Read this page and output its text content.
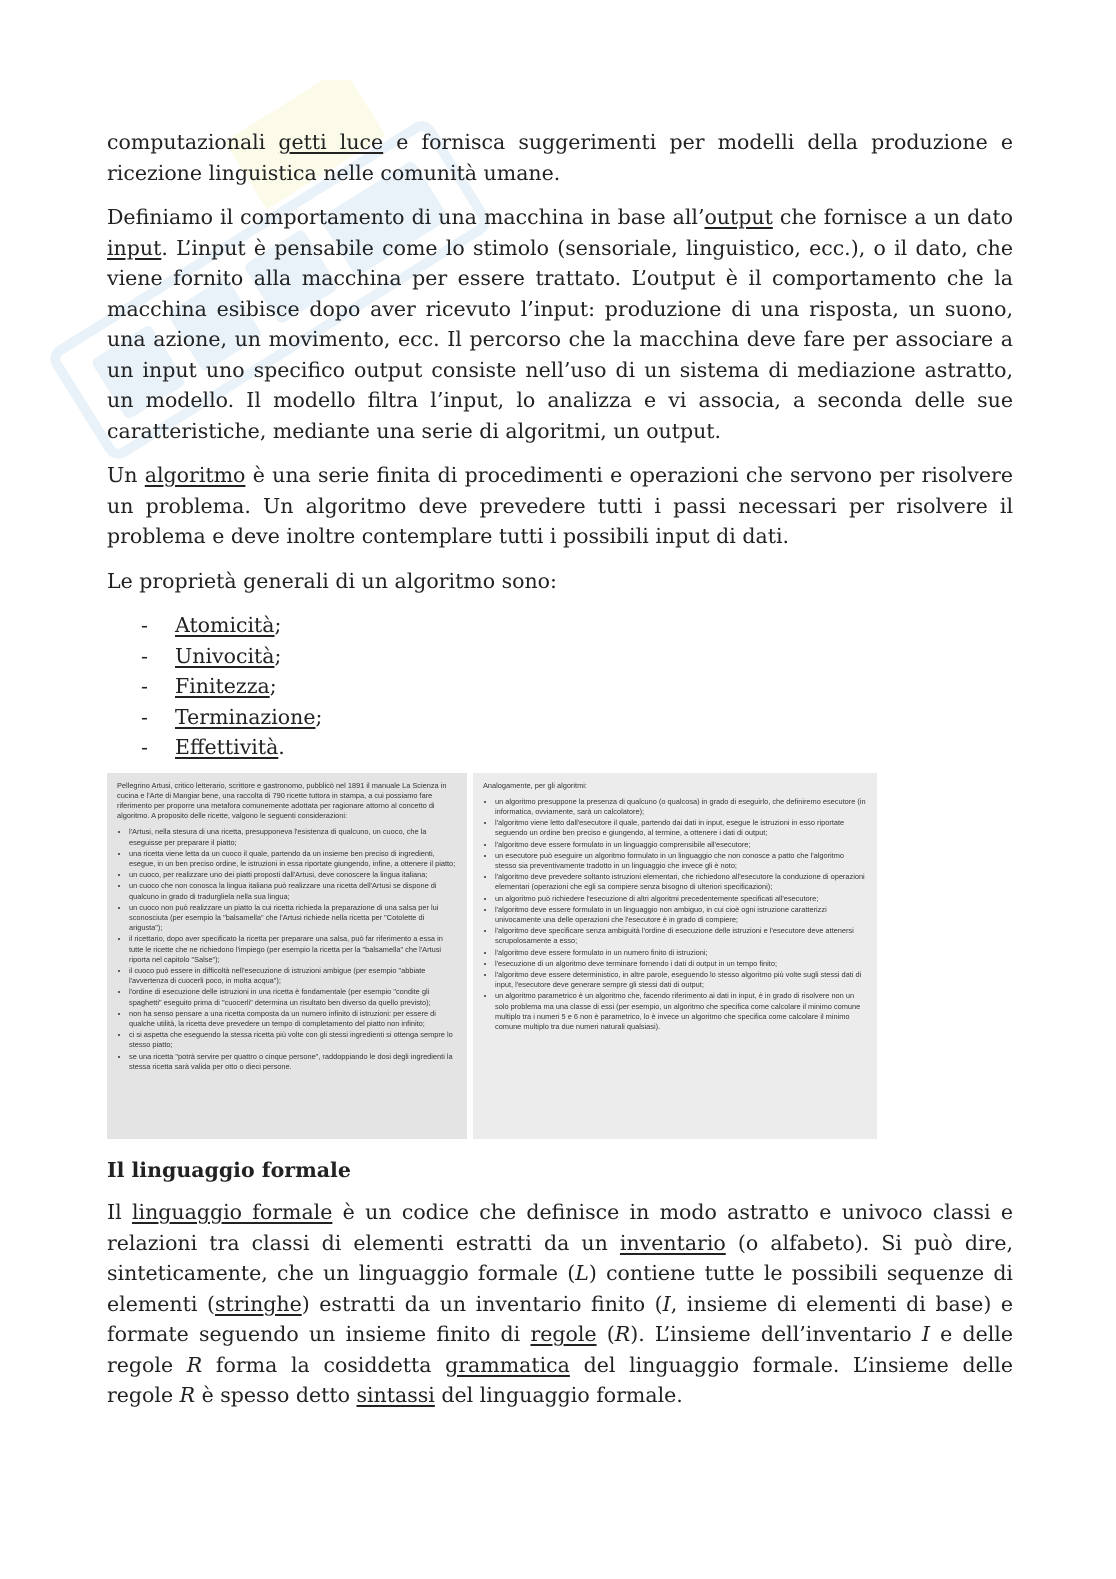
computazionali getti luce e fornisca suggerimenti per modelli della produzione e ricezione linguistica nelle comunità umane.

Definiamo il comportamento di una macchina in base all’output che fornisce a un dato input. L’input è pensabile come lo stimolo (sensoriale, linguistico, ecc.), o il dato, che viene fornito alla macchina per essere trattato. L’output è il comportamento che la macchina esibisce dopo aver ricevuto l’input: produzione di una risposta, un suono, una azione, un movimento, ecc. Il percorso che la macchina deve fare per associare a un input uno specifico output consiste nell’uso di un sistema di mediazione astratto, un modello. Il modello filtra l’input, lo analizza e vi associa, a seconda delle sue caratteristiche, mediante una serie di algoritmi, un output.

Un algoritmo è una serie finita di procedimenti e operazioni che servono per risolvere un problema. Un algoritmo deve prevedere tutti i passi necessari per risolvere il problema e deve inoltre contemplare tutti i possibili input di dati.

Le proprietà generali di un algoritmo sono:

- Atomicità;
- Univocità;
- Finitezza;
- Terminazione;
- Effettività.
Pellegrino Artusi, critico letterario, scrittore e gastronomo, pubblicò nel 1891 il manuale La Scienza in cucina e l'Arte di Mangiar bene, una raccolta di 790 ricette tuttora in stampa, a cui possiamo fare riferimento per proporre una metafora comunemente adottata per ragionare attorno al concetto di algoritmo. A proposito delle ricette, valgono le seguenti considerazioni:
• l'Artusi, nella stesura di una ricetta, presupponeva l'esistenza di qualcuno, un cuoco, che la eseguisse per preparare il piatto;
• una ricetta viene letta da un cuoco il quale, partendo da un insieme ben preciso di ingredienti, esegue, in un ben preciso ordine, le istruzioni in essa riportate giungendo, infine, a ottenere il piatto;
• un cuoco, per realizzare uno dei piatti proposti dall'Artusi, deve conoscere la lingua italiana;
• un cuoco che non conosca la lingua italiana può realizzare una ricetta dell'Artusi se dispone di qualcuno in grado di tradurgliela nella sua lingua;
• un cuoco non può realizzare un piatto la cui ricetta richieda la preparazione di una salsa per lui sconosciuta (per esempio la "balsamella" che l'Artusi richiede nella ricetta per "Cotolette di arigusta");
• il ricettario, dopo aver specificato la ricetta per preparare una salsa, può far riferimento a essa in tutte le ricette che ne richiedono l'impiego (per esempio la ricetta per la "balsamella" che l'Artusi riporta nel capitolo "Salse");
• il cuoco può essere in difficoltà nell'esecuzione di istruzioni ambigue (per esempio "abbiate l'avvertenza di cuocerli poco, in molta acqua");
• l'ordine di esecuzione delle istruzioni in una ricetta è fondamentale (per esempio "condite gli spaghetti" eseguito prima di "cuocerli" determina un risultato ben diverso da quello previsto);
• non ha senso pensare a una ricetta composta da un numero infinito di istruzioni: per essere di qualche utilità, la ricetta deve prevedere un tempo di completamento del piatto non infinito;
• ci si aspetta che eseguendo la stessa ricetta più volte con gli stessi ingredienti si ottenga sempre lo stesso piatto;
• se una ricetta "potrà servire per quattro o cinque persone", raddoppiando le dosi degli ingredienti la stessa ricetta sarà valida per otto o dieci persone.
Analogamente, per gli algoritmi:
• un algoritmo presuppone la presenza di qualcuno (o qualcosa) in grado di eseguirlo, che definiremo esecutore (in informatica, ovviamente, sarà un calcolatore);
• l'algoritmo viene letto dall'esecutore il quale, partendo dai dati in input, esegue le istruzioni in esso riportate seguendo un ordine ben preciso e giungendo, al termine, a ottenere i dati di output;
• l'algoritmo deve essere formulato in un linguaggio comprensibile all'esecutore;
• un esecutore può eseguire un algoritmo formulato in un linguaggio che non conosce a patto che l'algoritmo stesso sia preventivamente tradotto in un linguaggio che invece gli è noto;
• l'algoritmo deve prevedere soltanto istruzioni elementari, che richiedono all'esecutore la conduzione di operazioni elementari (operazioni che egli sa compiere senza bisogno di ulteriori specificazioni);
• un algoritmo può richiedere l'esecuzione di altri algoritmi precedentemente specificati all'esecutore;
• l'algoritmo deve essere formulato in un linguaggio non ambiguo, in cui cioè ogni istruzione caratterizzi univocamente una delle operazioni che l'esecutore è in grado di compiere;
• l'algoritmo deve specificare senza ambiguità l'ordine di esecuzione delle istruzioni e l'esecutore deve attenersi scrupolosamente a esso;
• l'algoritmo deve essere formulato in un numero finito di istruzioni;
• l'esecuzione di un algoritmo deve terminare fornendo i dati di output in un tempo finito;
• l'algoritmo deve essere deterministico, in altre parole, eseguendo lo stesso algoritmo più volte sugli stessi dati di input, l'esecutore deve generare sempre gli stessi dati di output;
• un algoritmo parametrico è un algoritmo che, facendo riferimento ai dati in input, è in grado di risolvere non un solo problema ma una classe di essi (per esempio, un algoritmo che specifica come calcolare il minimo comune multiplo tra i numeri 5 e 6 non è parametrico, lo è invece un algoritmo che specifica come calcolare il minimo comune multiplo tra due numeri naturali qualsiasi).
Il linguaggio formale

Il linguaggio formale è un codice che definisce in modo astratto e univoco classi e relazioni tra classi di elementi estratti da un inventario (o alfabeto). Si può dire, sinteticamente, che un linguaggio formale (L) contiene tutte le possibili sequenze di elementi (stringhe) estratti da un inventario finito (I, insieme di elementi di base) e formate seguendo un insieme finito di regole (R). L’insieme dell’inventario I e delle regole R forma la cosiddetta grammatica del linguaggio formale. L’insieme delle regole R è spesso detto sintassi del linguaggio formale.
